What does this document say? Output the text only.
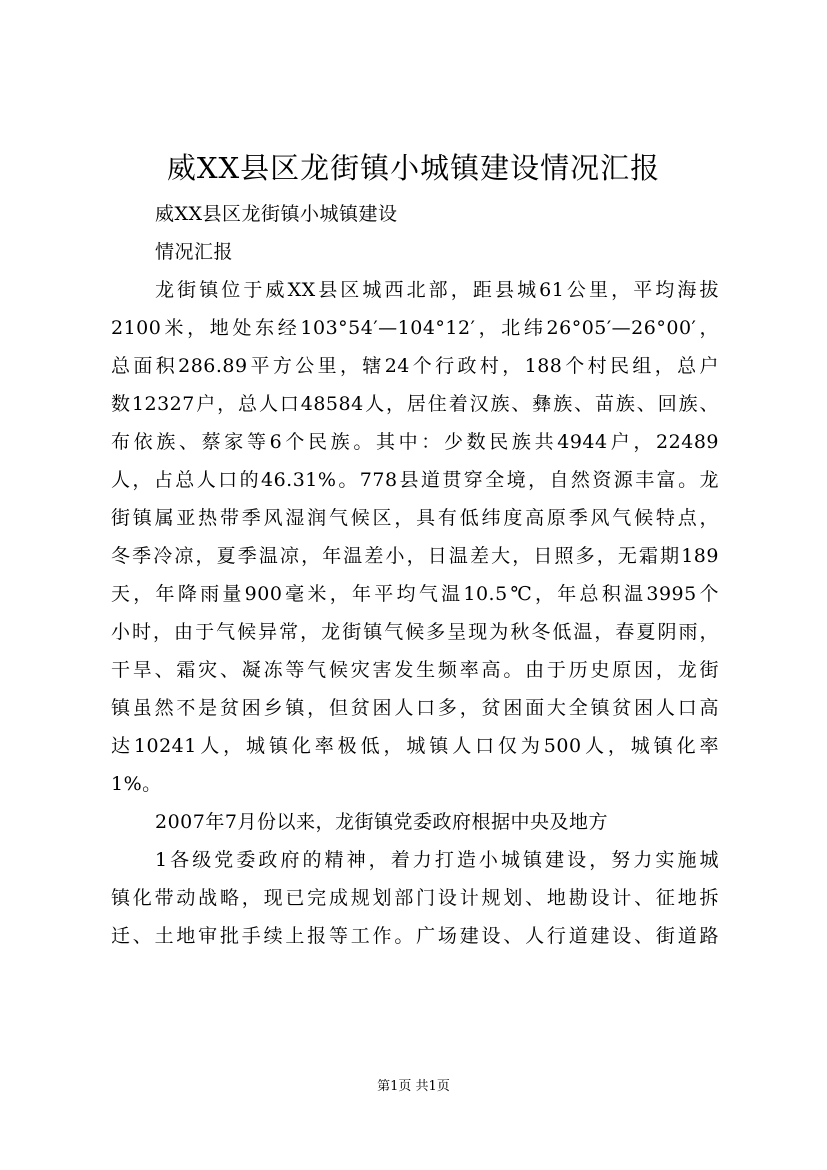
威XX县区龙街镇小城镇建设情况汇报
威XX县区龙街镇小城镇建设
情况汇报
龙街镇位于威XX县区城西北部，距县城61公里，平均海拔
2100米，地处东经103°54′—104°12′，北纬26°05′—26°00′，
总面积286.89平方公里，辖24个行政村，188个村民组，总户
数12327户，总人口48584人，居住着汉族、彝族、苗族、回族、
布依族、蔡家等6个民族。其中：少数民族共4944户，22489
人，占总人口的46.31%。778县道贯穿全境，自然资源丰富。龙
街镇属亚热带季风湿润气候区，具有低纬度高原季风气候特点，
冬季冷凉，夏季温凉，年温差小，日温差大，日照多，无霜期189
天，年降雨量900毫米，年平均气温10.5℃，年总积温3995个
小时，由于气候异常，龙街镇气候多呈现为秋冬低温，春夏阴雨，
干旱、霜灾、凝冻等气候灾害发生频率高。由于历史原因，龙街
镇虽然不是贫困乡镇，但贫困人口多，贫困面大全镇贫困人口高
达10241人，城镇化率极低，城镇人口仅为500人，城镇化率
1%。
2007年7月份以来，龙街镇党委政府根据中央及地方
1各级党委政府的精神，着力打造小城镇建设，努力实施城
镇化带动战略，现已完成规划部门设计规划、地勘设计、征地拆
迁、土地审批手续上报等工作。广场建设、人行道建设、街道路
第1页 共1页
